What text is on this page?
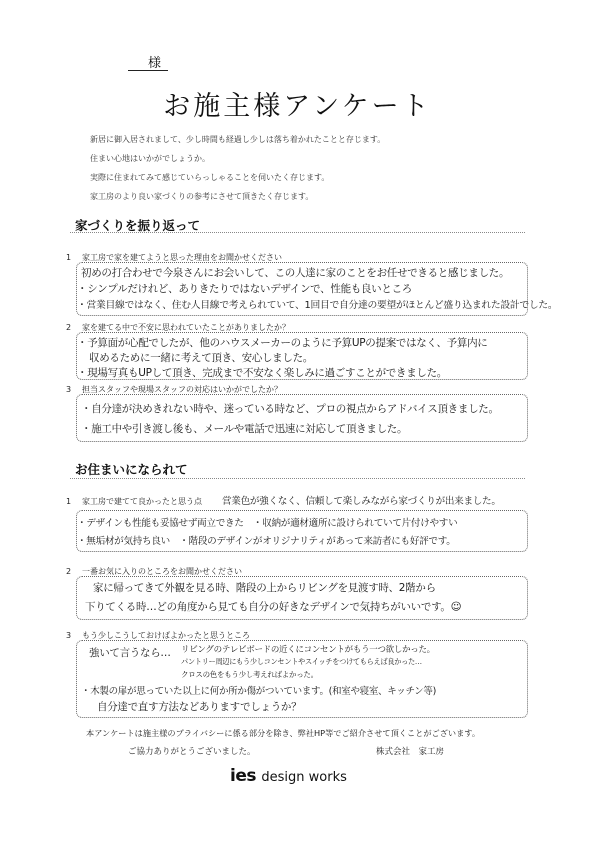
様
お施主様アンケート
新居に御入居されまして、少し時間も経過し少しは落ち着かれたことと存じます。
住まい心地はいかがでしょうか。
実際に住まれてみて感じていらっしゃることを伺いたく存じます。
家工房のより良い家づくりの参考にさせて頂きたく存じます。
家づくりを振り返って
1 家工房で家を建てようと思った理由をお聞かせください
初めの打合わせで今泉さんにお会いして、この人達に家のことをお任せできると感じました。
・シンプルだけれど、ありきたりではないデザインで、性能も良いところ
・営業目線ではなく、住む人目線で考えられていて、1回目で自分達の要望がほとんど盛り込まれた設計でした。
2 家を建てる中で不安に思われていたことがありましたか？
・予算面が心配でしたが、他のハウスメーカーのように予算UPの提案ではなく、予算内に
収めるために一緒に考えて頂き、安心しました。
・現場写真もUPして頂き、完成まで不安なく楽しみに過ごすことができました。
3 担当スタッフや現場スタッフの対応はいかがでしたか？
・自分達が決めきれない時や、迷っている時など、プロの視点からアドバイス頂きました。
・施工中や引き渡し後も、メールや電話で迅速に対応して頂きました。
お住まいになられて
1 家工房で建てて良かったと思う点 営業色が強くなく、信頼して楽しみながら家づくりが出来ました。
・デザインも性能も妥協せず両立できた　・収納が適材適所に設けられていて片付けやすい
・無垢材が気持ち良い　・階段のデザインがオリジナリティがあって来訪者にも好評です。
2 一番お気に入りのところをお聞かせください
家に帰ってきて外観を見る時、階段の上からリビングを見渡す時、2階から
下りてくる時…どの角度から見ても自分の好きなデザインで気持ちがいいです。☺
3 もう少しこうしておけばよかったと思うところ
強いて言うなら… リビングのテレビボードの近くにコンセントがもう一つ欲しかった。
パントリー周辺にもう少しコンセントやスイッチをつけてもらえば良かった…
クロスの色をもう少し考えればよかった。
・木製の扉が思っていた以上に何か所か傷がついています。(和室や寝室、キッチン等)
自分達で直す方法などありますでしょうか？
本アンケートは施主様のプライバシーに係る部分を除き、弊社HP等でご紹介させて頂くことがございます。
ご協力ありがとうございました。	株式会社　家工房
ies design works
